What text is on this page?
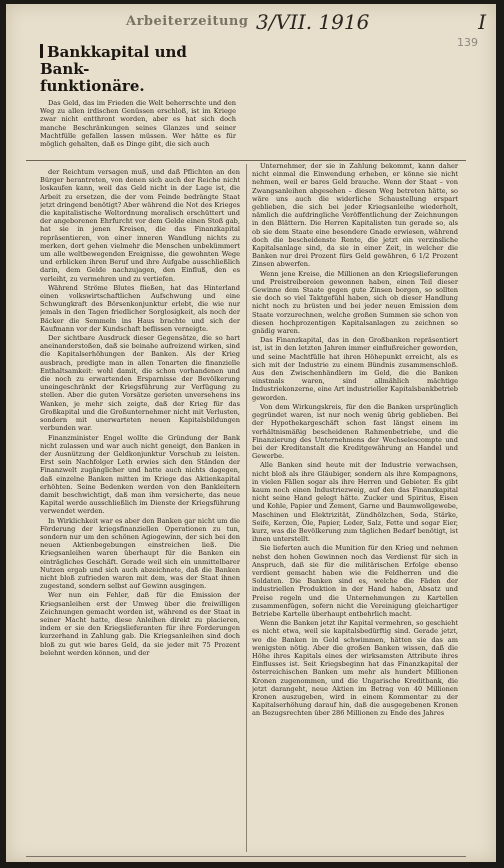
Arbeiterzeitung 3/VII. 1916	I
139
Bankkapital und Bank-
funktionäre.

Das Geld, das im Frieden die Welt beherrschte und den Weg zu allen irdischen Genüssen erschloß, ist im Kriege zwar nicht entthront worden, aber es hat sich doch manche Beschränkungen seines Glanzes und seiner Machtfülle gefallen lassen müssen. Wer hätte es für möglich gehalten, daß es Dinge gibt, die sich auch

der Reichtum versagen muß, und daß Pflichten an den Bürger herantreten, von denen sich auch der Reiche nicht loskaufen kann, weil das Geld nicht in der Lage ist, die Arbeit zu ersetzen, die der vom Feinde bedrängte Staat jetzt dringend benötigt? Aber während die Not des Krieges die kapitalistische Weltordnung moralisch erschüttert und der angeborenen Ehrfurcht vor dem Gelde einen Stoß gab, hat sie in jenen Kreisen, die das Finanzkapital repräsentieren, von einer inneren Wandlung nichts zu merken, dort gehen vielmehr die Menschen unbekümmert um alle weltbewegenden Ereignisse, die gewohnten Wege und erblicken ihren Beruf und ihre Aufgabe ausschließlich darin, dem Gelde nachzujagen, den Einfluß, den es verleiht, zu vermehren und zu vertiefen.

Während Ströme Blutes fließen, hat das Hinterland einen volkswirtschaftlichen Aufschwung und eine Schwungkraft des Börsenkonjunktur erlebt, die wie nur jemals in den Tagen friedlicher Sorglosigkeit, als noch der Bäcker die Semmeln ins Haus brachte und sich der Kaufmann vor der Kundschaft beflissen verneigte.

Der sichtbare Ausdruck dieser Gegensätze, die so hart aneinanderstoßen, daß sie beinahe aufreizend wirken, sind die Kapitalserhöhungen der Banken. Als der Krieg ausbrach, predigte man in allen Tonarten die finanzielle Enthaltsamkeit: wohl damit, die schon vorhandenen und die noch zu erwartenden Ersparnisse der Bevölkerung uneingeschränkt der Kriegsführung zur Verfügung zu stellen. Aber die guten Vorsätze gerieten unversehens ins Wanken, je mehr sich zeigte, daß der Krieg für das Großkapital und die Großunternehmer nicht mit Verlusten, sondern mit unerwarteten neuen Kapitalsbildungen verbunden war.

Finanzminister Engel wollte die Gründung der Bank nicht zulassen und war auch nicht geneigt, den Banken in der Ausnützung der Geldkonjunktur Vorschub zu leisten. Erst sein Nachfolger Leth erwies sich den Ständen der Finanzwelt zugänglicher und hatte auch nichts dagegen, daß einzelne Banken mitten im Kriege das Aktienkapital erhöhten. Seine Bedenken werden von den Bankleitern damit beschwichtigt, daß man ihm versicherte, das neue Kapital werde ausschließlich im Dienste der Kriegsführung verwendet werden.

In Wirklichkeit war es aber den Banken gar nicht um die Förderung der kriegsfinanziellen Operationen zu tun, sondern nur um den schönen Agiogewinn, der sich bei den neuen Aktienbegebungen einstreichen ließ. Die Kriegsanleihen waren überhaupt für die Banken ein einträgliches Geschäft. Gerade weil sich ein unmittelbarer Nutzen ergab und sich auch abzeichnete, daß die Banken nicht bloß zufrieden waren mit dem, was der Staat ihnen zugestand, sondern selbst auf Gewinn ausgingen.

Wer nun ein Fehler, daß für die Emission der Kriegsanleihen erst der Umweg über die freiwilligen Zeichnungen gemacht worden ist, während es der Staat in seiner Macht hatte, diese Anleihen direkt zu placieren, indem er sie den Kriegslieferanten für ihre Forderungen kurzerhand in Zahlung gab. Die Kriegsanleihen sind doch bloß zu gut wie bares Geld, da sie jeder mit 75 Prozent belehnt werden können, und der

Unternehmer, der sie in Zahlung bekommt, kann daher nicht einmal die Einwendung erheben, er könne sie nicht nehmen, weil er bares Geld brauche. Wenn der Staat – von Zwangsanleihen abgesehen – diesen Weg betreten hätte, so wäre uns auch die widerliche Schaustellung erspart geblieben, die sich bei jeder Kriegsanleihe wiederholt, nämlich die aufdringliche Veröffentlichung der Zeichnungen in den Blättern. Die Herren Kapitalisten tun gerade so, als ob sie dem Staate eine besondere Gnade erwiesen, während doch die bescheidenste Rente, die jetzt ein verzinsliche Kapitalsanlage sind, da sie in einer Zeit, in welcher die Banken nur drei Prozent fürs Geld gewähren, 6 1/2 Prozent Zinsen abwerfen.

Wenn jene Kreise, die Millionen an den Kriegslieferungen und Preistreibereien gewonnen haben, einen Teil dieser Gewinne dem Staate gegen gute Zinsen borgen, so sollten sie doch so viel Taktgefühl haben, sich ob dieser Handlung nicht noch zu brüsten und bei jeder neuen Emission dem Staate vorzurechnen, welche großen Summen sie schon von diesen hochprozentigen Kapitalsanlagen zu zeichnen so gnädig waren.

Das Finanzkapital, das in den Großbanken repräsentiert ist, ist in den letzten Jahren immer einflußreicher geworden, und seine Machtfülle hat ihren Höhepunkt erreicht, als es sich mit der Industrie zu einem Bündnis zusammenschloß. Aus den Zwischenhändlern im Geld, die die Banken einstmals waren, sind allmählich mächtige Industriekonzerne, eine Art industrieller Kapitalsbankbetrieb geworden.

Von dem Wirkungskreis, für den die Banken ursprünglich gegründet waren, ist nur noch wenig übrig geblieben. Bei der Hypothekargeschäft schon fast längst einem im verhältnismäßig bescheidenen Rahmenbetriebe, und die Finanzierung des Unternehmens der Wechselescompte und bei der Kreditanstalt die Kreditgewährung an Handel und Gewerbe.

Alle Banken sind heute mit der Industrie verwachsen, nicht bloß als ihre Gläubiger, sondern als ihre Kompagnons, in vielen Fällen sogar als ihre Herren und Gebieter. Es gibt kaum noch einen Industriezweig, auf den das Finanzkapital nicht seine Hand gelegt hätte. Zucker und Spiritus, Eisen und Kohle, Papier und Zement, Garne und Baumwollgewebe, Maschinen und Elektrizität, Zündhölzchen, Soda, Stärke, Seife, Kerzen, Öle, Papier, Leder, Salz, Fette und sogar Eier, kurz, was die Bevölkerung zum täglichen Bedarf benötigt, ist ihnen unterstellt.

Sie lieferten auch die Munition für den Krieg und nehmen nebst den hohen Gewinnen noch das Verdienst für sich in Anspruch, daß sie für die militärischen Erfolge ebenso verdient gemacht haben wie die Feldherren und die Soldaten. Die Banken sind es, welche die Fäden der industriellen Produktion in der Hand haben, Absatz und Preise regeln und die Unternehmungen zu Kartellen zusammenfügen, sofern nicht die Vereinigung gleichartiger Betriebe Kartelle überhaupt entbehrlich macht.

Wenn die Banken jetzt ihr Kapital vermehren, so geschieht es nicht etwa, weil sie kapitalsbedürftig sind. Gerade jetzt, wo die Banken in Geld schwimmen, hätten sie das am wenigsten nötig. Aber die großen Banken wissen, daß die Höhe ihres Kapitals eines der wirksamsten Attribute ihres Einflusses ist. Seit Kriegsbeginn hat das Finanzkapital der österreichischen Banken um mehr als hundert Millionen Kronen zugenommen, und die Ungarische Kreditbank, die jetzt darangeht, neue Aktien im Betrag von 40 Millionen Kronen auszugeben, wird in einem Kommentar zu der Kapitalserhöhung darauf hin, daß die ausgegebenen Kronen an Bezugsrechten über 286 Millionen zu Ende des Jahres
